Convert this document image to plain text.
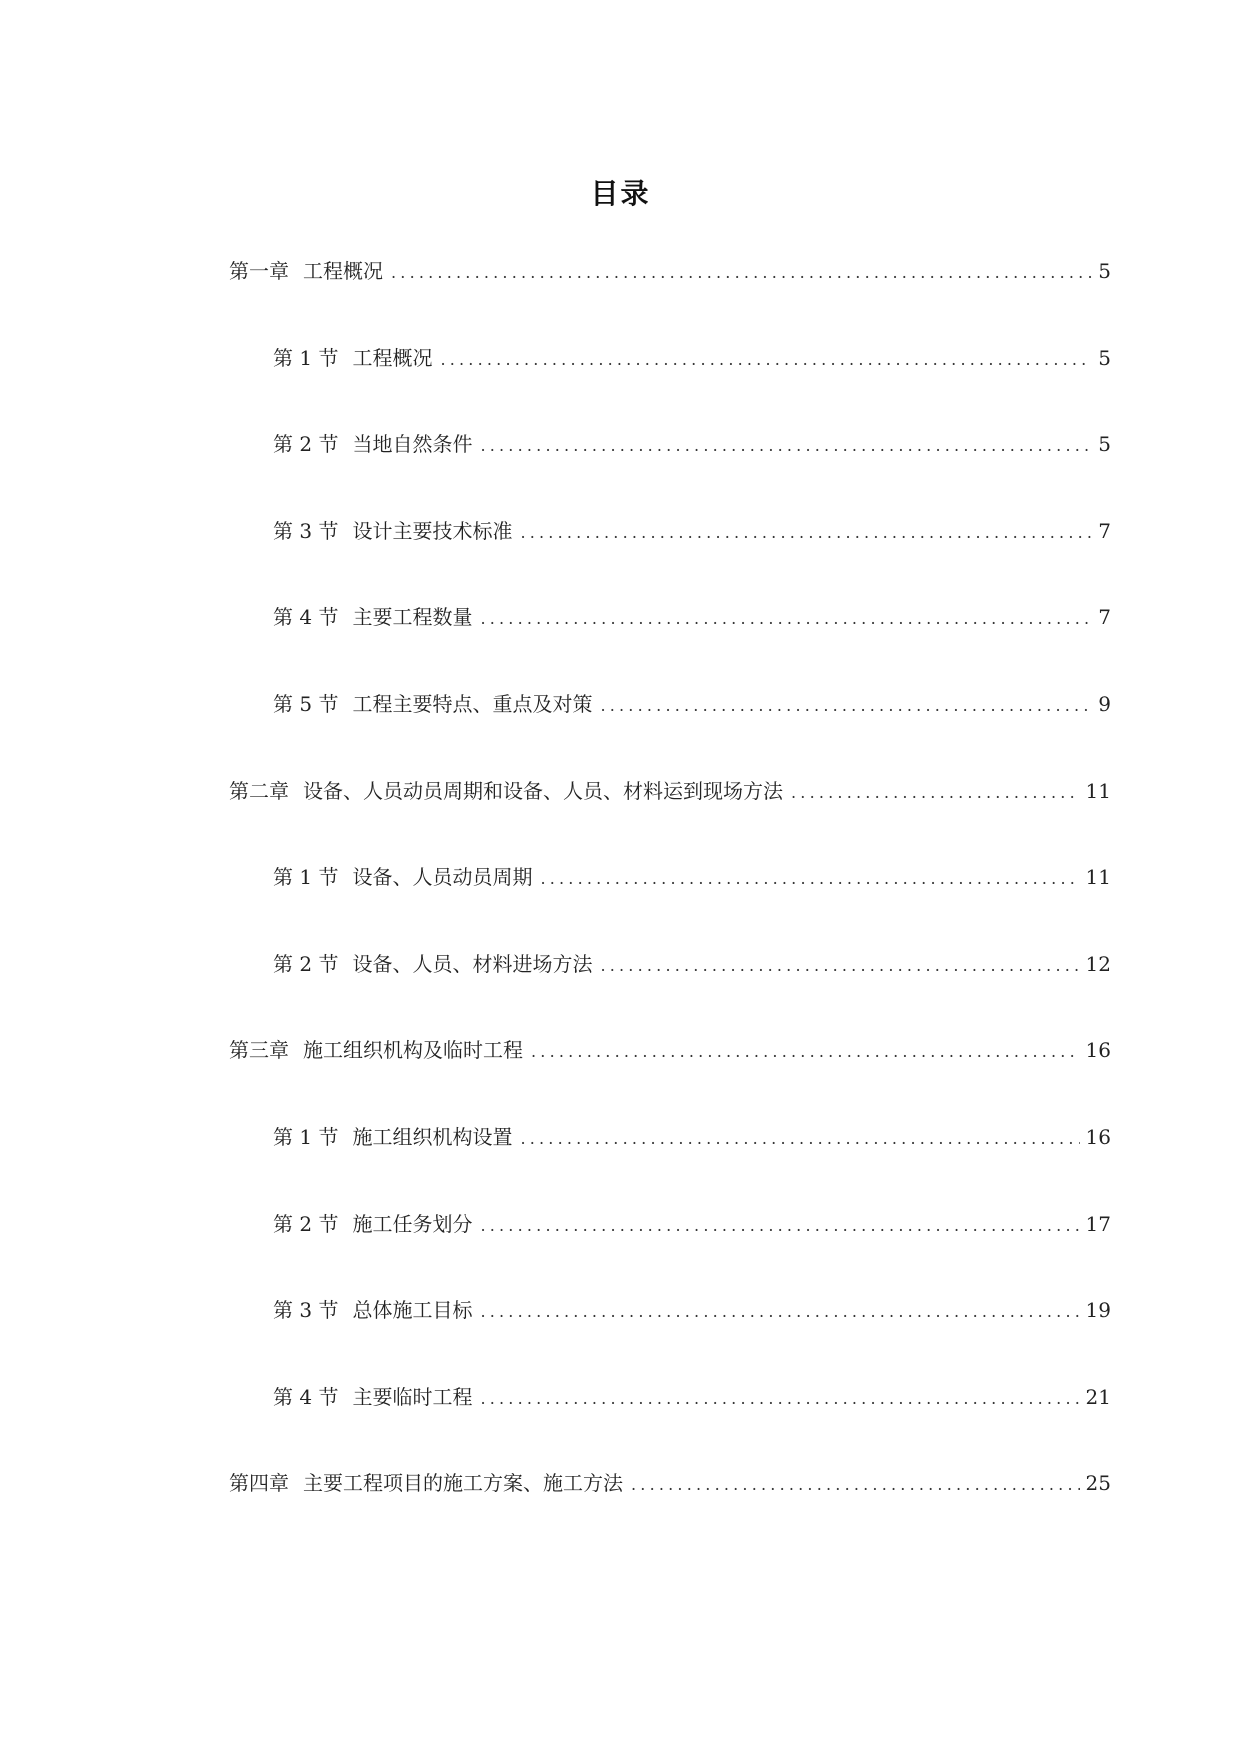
目录
第一章 工程概况 .....	5
第 1 节 工程概况 .....	5
第 2 节 当地自然条件 .....	5
第 3 节 设计主要技术标准 .....	7
第 4 节 主要工程数量 .....	7
第 5 节 工程主要特点、重点及对策 .....	9
第二章 设备、人员动员周期和设备、人员、材料运到现场方法 .....	11
第 1 节 设备、人员动员周期 .....	11
第 2 节 设备、人员、材料进场方法 .....	12
第三章 施工组织机构及临时工程 .....	16
第 1 节 施工组织机构设置 .....	16
第 2 节 施工任务划分 .....	17
第 3 节 总体施工目标 .....	19
第 4 节 主要临时工程 .....	21
第四章 主要工程项目的施工方案、施工方法 .....	25
